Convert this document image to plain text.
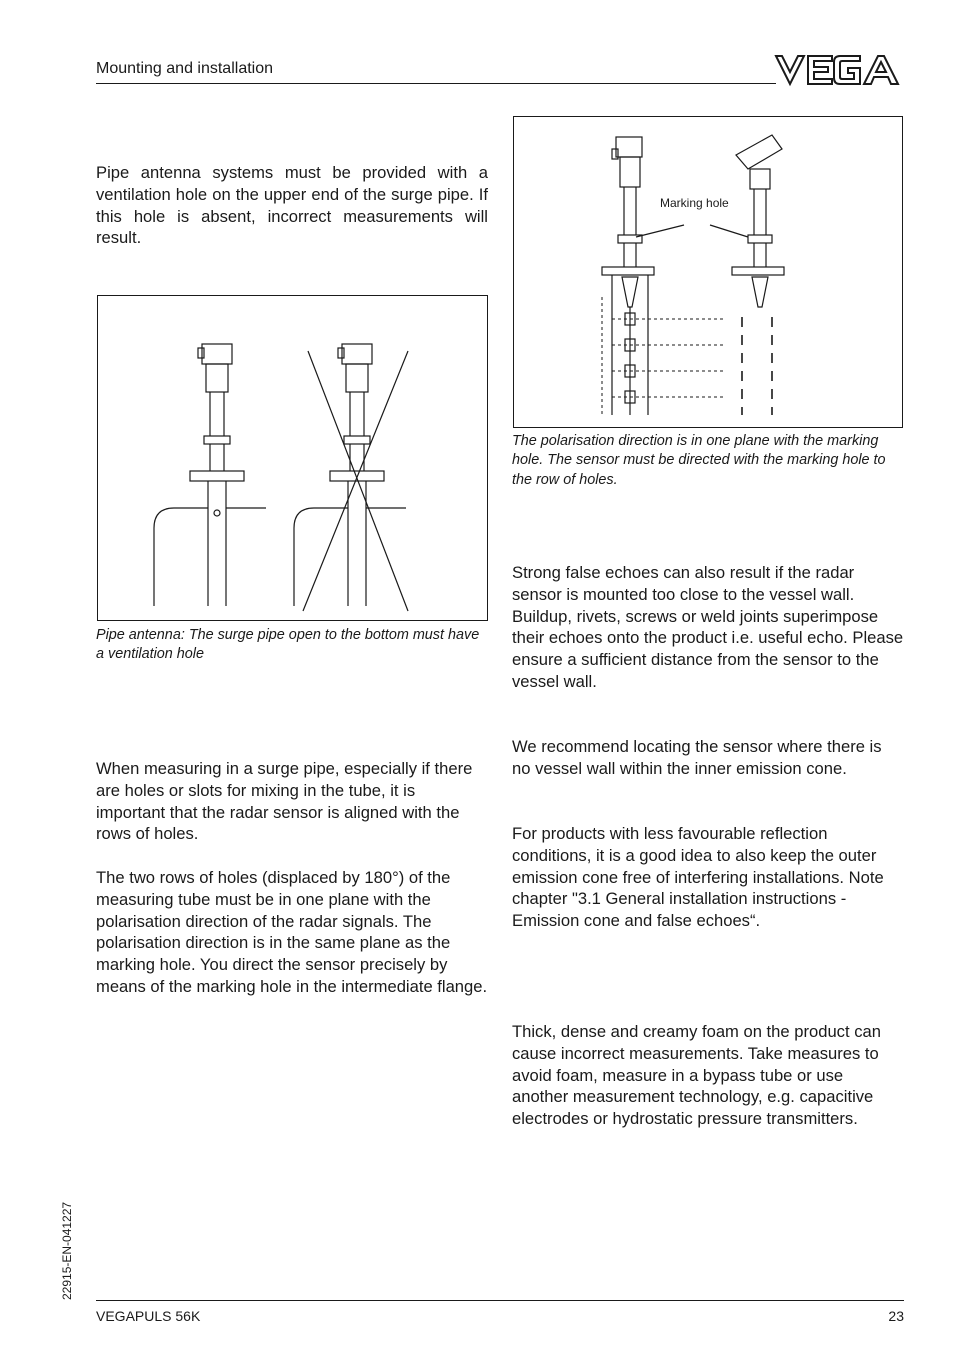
Mounting and installation

Pipe antenna systems must be provided with a ventilation hole on the upper end of the surge pipe. If this hole is absent, incorrect measurements will result.

Pipe antenna: The surge pipe open to the bottom must have a ventilation hole

When measuring in a surge pipe, especially if there are holes or slots for mixing in the tube, it is important that the radar sensor is aligned with the rows of holes.

The two rows of holes (displaced by 180°) of the measuring tube must be in one plane with the polarisation direction of the radar signals. The polarisation direction is in the same plane as the marking hole. You direct the sensor precisely by means of the marking hole in the intermediate flange.

Marking hole

The polarisation direction is in one plane with the marking hole. The sensor must be directed with the marking hole to the row of holes.

Strong false echoes can also result if the radar sensor is mounted too close to the vessel wall. Buildup, rivets, screws or weld joints superimpose their echoes onto the product i.e. useful echo. Please ensure a sufficient distance from the sensor to the vessel wall.

We recommend locating the sensor where there is no vessel wall within the inner emission cone.

For products with less favourable reflection conditions, it is a good idea to also keep the outer emission cone free of interfering installations. Note chapter "3.1 General installation instructions - Emission cone and false echoes“.

Thick, dense and creamy foam on the product can cause incorrect measurements. Take measures to avoid foam, measure in a bypass tube or use another measurement technology, e.g. capacitive electrodes or hydrostatic pressure transmitters.

22915-EN-041227
VEGAPULS 56K	23
